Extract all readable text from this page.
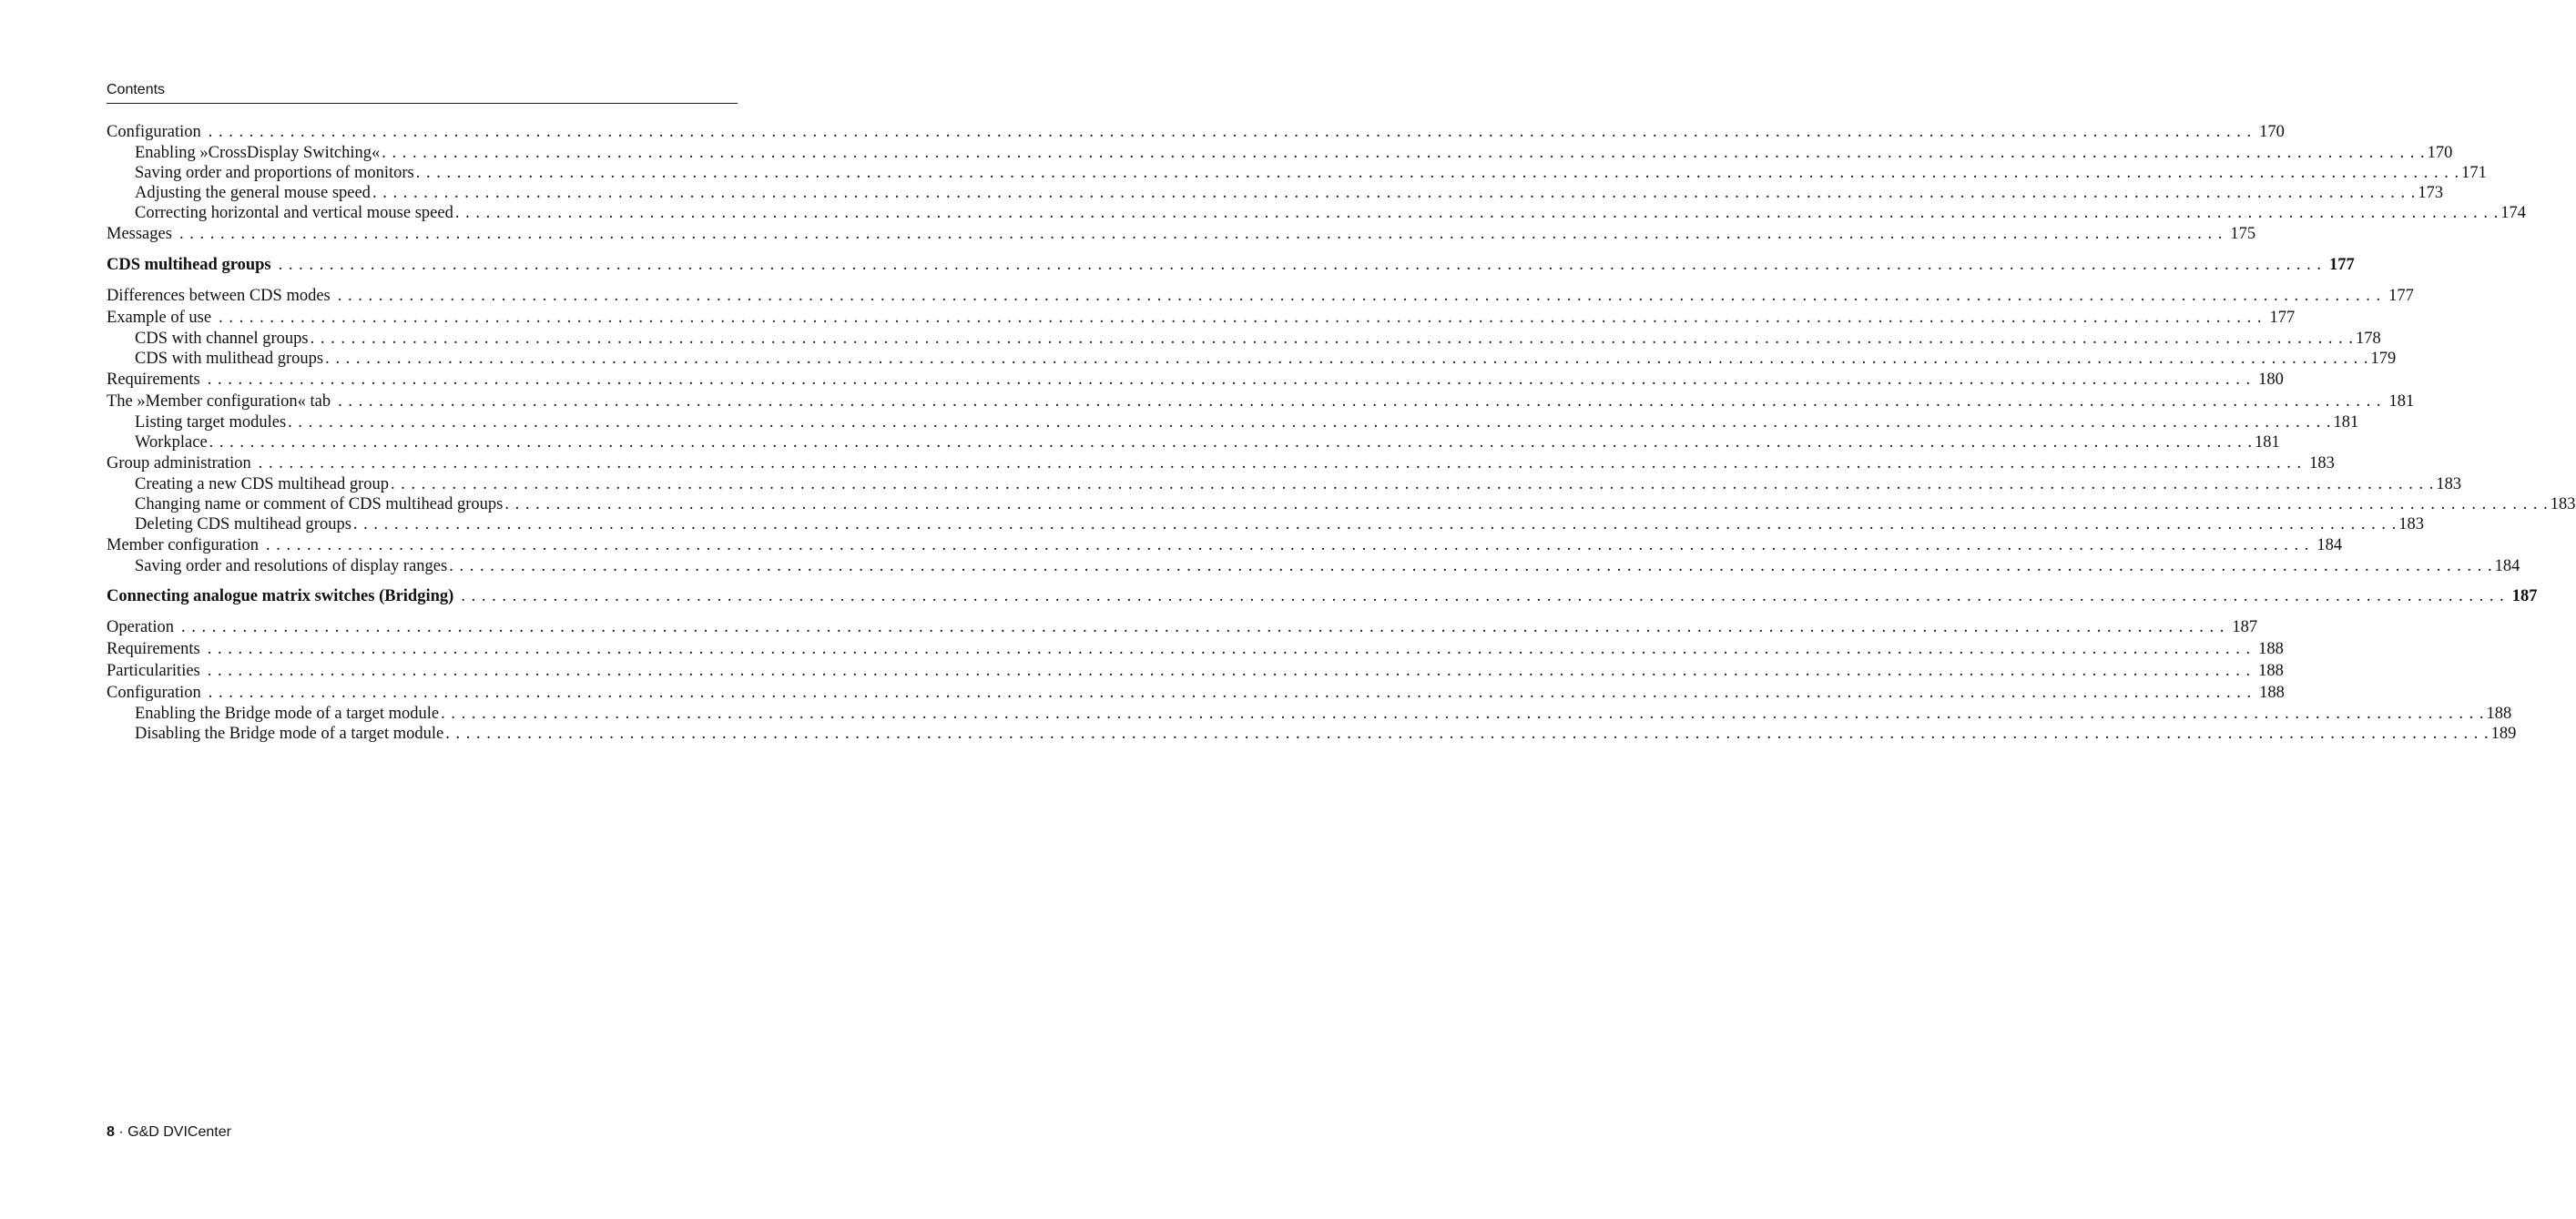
Contents
Configuration . . . . . . . . . . . . . . . . . . . . . . . . . . . . . . . . . . . . . . . . . . . . . . . . . . . . . . . . . . . . . . . . . . . . . . . . . . . . . . . . . . . . . . . . . . . . . . . . . . . . . . . . . . . . . . . . . . . . . . . . . . . . . . . . . . . . . . . . . . . . . . . . . . . . . . . . . . . . . . . . . . . . . . . . . . . . . . . . . . . . . . . . . . . . . . . . . . . . . . . . 170
Enabling »CrossDisplay Switching« . . . . . . . . . . . . . . . . . . . . . . . . . . . . . . . . . . . . . . . . . . . . . . . . . . . . . . . . . . . . . . . . . . . . . . . . . . . . . . . . . . . . . . . . . . . . . . . . . . . . . . . . . . . . . . . . . . . . . . . . . . . . . . . . . . . . . . . . . . . . . . . . . . . . . . . . . . . . . . . . . . . . . . . . . . . . . . . . . . . . . . . . . . . . . . . . . . . . . . . . 170
Saving order and proportions of monitors . . . . . . . . . . . . . . . . . . . . . . . . . . . . . . . . . . . . . . . . . . . . . . . . . . . . . . . . . . . . . . . . . . . . . . . . . . . . . . . . . . . . . . . . . . . . . . . . . . . . . . . . . . . . . . . . . . . . . . . . . . . . . . . . . . . . . . . . . . . . . . . . . . . . . . . . . . . . . . . . . . . . . . . . . . . . . . . . . . . . . . . . . . . . . . . . . . . . . . . . 171
Adjusting the general mouse speed . . . . . . . . . . . . . . . . . . . . . . . . . . . . . . . . . . . . . . . . . . . . . . . . . . . . . . . . . . . . . . . . . . . . . . . . . . . . . . . . . . . . . . . . . . . . . . . . . . . . . . . . . . . . . . . . . . . . . . . . . . . . . . . . . . . . . . . . . . . . . . . . . . . . . . . . . . . . . . . . . . . . . . . . . . . . . . . . . . . . . . . . . . . . . . . . . . . . . . . . 173
Correcting horizontal and vertical mouse speed . . . . . . . . . . . . . . . . . . . . . . . . . . . . . . . . . . . . . . . . . . . . . . . . . . . . . . . . . . . . . . . . . . . . . . . . . . . . . . . . . . . . . . . . . . . . . . . . . . . . . . . . . . . . . . . . . . . . . . . . . . . . . . . . . . . . . . . . . . . . . . . . . . . . . . . . . . . . . . . . . . . . . . . . . . . . . . . . . . . . . . . . . . . . . . . . . . . . . . . . 174
Messages . . . . . . . . . . . . . . . . . . . . . . . . . . . . . . . . . . . . . . . . . . . . . . . . . . . . . . . . . . . . . . . . . . . . . . . . . . . . . . . . . . . . . . . . . . . . . . . . . . . . . . . . . . . . . . . . . . . . . . . . . . . . . . . . . . . . . . . . . . . . . . . . . . . . . . . . . . . . . . . . . . . . . . . . . . . . . . . . . . . . . . . . . . . . . . . . . . . . . . . . 175
CDS multihead groups . . . . . . . . . . . . . . . . . . . . . . . . . . . . . . . . . . . . . . . . . . . . . . . . . . . . . . . . . . . . . . . . . . . . . . . . . . . . . . . . . . . . . . . . . . . . . . . . . . . . . . . . . . . . . . . . . . . . . . . . . . . . . . . . . . . . . . . . . . . . . . . . . . . . . . . . . . . . . . . . . . . . . . . . . . . . . . . . . . . . . . . . . . . . . . . . . . . . . . . . 177
Differences between CDS modes . . . . . . . . . . . . . . . . . . . . . . . . . . . . . . . . . . . . . . . . . . . . . . . . . . . . . . . . . . . . . . . . . . . . . . . . . . . . . . . . . . . . . . . . . . . . . . . . . . . . . . . . . . . . . . . . . . . . . . . . . . . . . . . . . . . . . . . . . . . . . . . . . . . . . . . . . . . . . . . . . . . . . . . . . . . . . . . . . . . . . . . . . . . . . . . . . . . . . . . . 177
Example of use . . . . . . . . . . . . . . . . . . . . . . . . . . . . . . . . . . . . . . . . . . . . . . . . . . . . . . . . . . . . . . . . . . . . . . . . . . . . . . . . . . . . . . . . . . . . . . . . . . . . . . . . . . . . . . . . . . . . . . . . . . . . . . . . . . . . . . . . . . . . . . . . . . . . . . . . . . . . . . . . . . . . . . . . . . . . . . . . . . . . . . . . . . . . . . . . . . . . . . . . 177
CDS with channel groups . . . . . . . . . . . . . . . . . . . . . . . . . . . . . . . . . . . . . . . . . . . . . . . . . . . . . . . . . . . . . . . . . . . . . . . . . . . . . . . . . . . . . . . . . . . . . . . . . . . . . . . . . . . . . . . . . . . . . . . . . . . . . . . . . . . . . . . . . . . . . . . . . . . . . . . . . . . . . . . . . . . . . . . . . . . . . . . . . . . . . . . . . . . . . . . . . . . . . . . . 178
CDS with mulithead groups . . . . . . . . . . . . . . . . . . . . . . . . . . . . . . . . . . . . . . . . . . . . . . . . . . . . . . . . . . . . . . . . . . . . . . . . . . . . . . . . . . . . . . . . . . . . . . . . . . . . . . . . . . . . . . . . . . . . . . . . . . . . . . . . . . . . . . . . . . . . . . . . . . . . . . . . . . . . . . . . . . . . . . . . . . . . . . . . . . . . . . . . . . . . . . . . . . . . . . . . 179
Requirements . . . . . . . . . . . . . . . . . . . . . . . . . . . . . . . . . . . . . . . . . . . . . . . . . . . . . . . . . . . . . . . . . . . . . . . . . . . . . . . . . . . . . . . . . . . . . . . . . . . . . . . . . . . . . . . . . . . . . . . . . . . . . . . . . . . . . . . . . . . . . . . . . . . . . . . . . . . . . . . . . . . . . . . . . . . . . . . . . . . . . . . . . . . . . . . . . . . . . . . . 180
The »Member configuration« tab . . . . . . . . . . . . . . . . . . . . . . . . . . . . . . . . . . . . . . . . . . . . . . . . . . . . . . . . . . . . . . . . . . . . . . . . . . . . . . . . . . . . . . . . . . . . . . . . . . . . . . . . . . . . . . . . . . . . . . . . . . . . . . . . . . . . . . . . . . . . . . . . . . . . . . . . . . . . . . . . . . . . . . . . . . . . . . . . . . . . . . . . . . . . . . . . . . . . . . . . 181
Listing target modules . . . . . . . . . . . . . . . . . . . . . . . . . . . . . . . . . . . . . . . . . . . . . . . . . . . . . . . . . . . . . . . . . . . . . . . . . . . . . . . . . . . . . . . . . . . . . . . . . . . . . . . . . . . . . . . . . . . . . . . . . . . . . . . . . . . . . . . . . . . . . . . . . . . . . . . . . . . . . . . . . . . . . . . . . . . . . . . . . . . . . . . . . . . . . . . . . . . . . . . . 181
Workplace . . . . . . . . . . . . . . . . . . . . . . . . . . . . . . . . . . . . . . . . . . . . . . . . . . . . . . . . . . . . . . . . . . . . . . . . . . . . . . . . . . . . . . . . . . . . . . . . . . . . . . . . . . . . . . . . . . . . . . . . . . . . . . . . . . . . . . . . . . . . . . . . . . . . . . . . . . . . . . . . . . . . . . . . . . . . . . . . . . . . . . . . . . . . . . . . . . . . . . . . 181
Group administration . . . . . . . . . . . . . . . . . . . . . . . . . . . . . . . . . . . . . . . . . . . . . . . . . . . . . . . . . . . . . . . . . . . . . . . . . . . . . . . . . . . . . . . . . . . . . . . . . . . . . . . . . . . . . . . . . . . . . . . . . . . . . . . . . . . . . . . . . . . . . . . . . . . . . . . . . . . . . . . . . . . . . . . . . . . . . . . . . . . . . . . . . . . . . . . . . . . . . . . . 183
Creating a new CDS multihead group . . . . . . . . . . . . . . . . . . . . . . . . . . . . . . . . . . . . . . . . . . . . . . . . . . . . . . . . . . . . . . . . . . . . . . . . . . . . . . . . . . . . . . . . . . . . . . . . . . . . . . . . . . . . . . . . . . . . . . . . . . . . . . . . . . . . . . . . . . . . . . . . . . . . . . . . . . . . . . . . . . . . . . . . . . . . . . . . . . . . . . . . . . . . . . . . . . . . . . . . 183
Changing name or comment of CDS multihead groups . . . . . . . . . . . . . . . . . . . . . . . . . . . . . . . . . . . . . . . . . . . . . . . . . . . . . . . . . . . . . . . . . . . . . . . . . . . . . . . . . . . . . . . . . . . . . . . . . . . . . . . . . . . . . . . . . . . . . . . . . . . . . . . . . . . . . . . . . . . . . . . . . . . . . . . . . . . . . . . . . . . . . . . . . . . . . . . . . . . . . . . . . . . . . . . . . . . . . . . . 183
Deleting CDS multihead groups . . . . . . . . . . . . . . . . . . . . . . . . . . . . . . . . . . . . . . . . . . . . . . . . . . . . . . . . . . . . . . . . . . . . . . . . . . . . . . . . . . . . . . . . . . . . . . . . . . . . . . . . . . . . . . . . . . . . . . . . . . . . . . . . . . . . . . . . . . . . . . . . . . . . . . . . . . . . . . . . . . . . . . . . . . . . . . . . . . . . . . . . . . . . . . . . . . . . . . . . 183
Member configuration . . . . . . . . . . . . . . . . . . . . . . . . . . . . . . . . . . . . . . . . . . . . . . . . . . . . . . . . . . . . . . . . . . . . . . . . . . . . . . . . . . . . . . . . . . . . . . . . . . . . . . . . . . . . . . . . . . . . . . . . . . . . . . . . . . . . . . . . . . . . . . . . . . . . . . . . . . . . . . . . . . . . . . . . . . . . . . . . . . . . . . . . . . . . . . . . . . . . . . . . 184
Saving order and resolutions of display ranges . . . . . . . . . . . . . . . . . . . . . . . . . . . . . . . . . . . . . . . . . . . . . . . . . . . . . . . . . . . . . . . . . . . . . . . . . . . . . . . . . . . . . . . . . . . . . . . . . . . . . . . . . . . . . . . . . . . . . . . . . . . . . . . . . . . . . . . . . . . . . . . . . . . . . . . . . . . . . . . . . . . . . . . . . . . . . . . . . . . . . . . . . . . . . . . . . . . . . . . . 184
Connecting analogue matrix switches (Bridging) . . . . . . . . . . . . . . . . . . . . . . . . . . . . . . . . . . . . . . . . . . . . . . . . . . . . . . . . . . . . . . . . . . . . . . . . . . . . . . . . . . . . . . . . . . . . . . . . . . . . . . . . . . . . . . . . . . . . . . . . . . . . . . . . . . . . . . . . . . . . . . . . . . . . . . . . . . . . . . . . . . . . . . . . . . . . . . . . . . . . . . . . . . . . . . . . . . . . . . . . 187
Operation . . . . . . . . . . . . . . . . . . . . . . . . . . . . . . . . . . . . . . . . . . . . . . . . . . . . . . . . . . . . . . . . . . . . . . . . . . . . . . . . . . . . . . . . . . . . . . . . . . . . . . . . . . . . . . . . . . . . . . . . . . . . . . . . . . . . . . . . . . . . . . . . . . . . . . . . . . . . . . . . . . . . . . . . . . . . . . . . . . . . . . . . . . . . . . . . . . . . . . . . 187
Requirements . . . . . . . . . . . . . . . . . . . . . . . . . . . . . . . . . . . . . . . . . . . . . . . . . . . . . . . . . . . . . . . . . . . . . . . . . . . . . . . . . . . . . . . . . . . . . . . . . . . . . . . . . . . . . . . . . . . . . . . . . . . . . . . . . . . . . . . . . . . . . . . . . . . . . . . . . . . . . . . . . . . . . . . . . . . . . . . . . . . . . . . . . . . . . . . . . . . . . . . . 188
Particularities . . . . . . . . . . . . . . . . . . . . . . . . . . . . . . . . . . . . . . . . . . . . . . . . . . . . . . . . . . . . . . . . . . . . . . . . . . . . . . . . . . . . . . . . . . . . . . . . . . . . . . . . . . . . . . . . . . . . . . . . . . . . . . . . . . . . . . . . . . . . . . . . . . . . . . . . . . . . . . . . . . . . . . . . . . . . . . . . . . . . . . . . . . . . . . . . . . . . . . . . 188
Configuration . . . . . . . . . . . . . . . . . . . . . . . . . . . . . . . . . . . . . . . . . . . . . . . . . . . . . . . . . . . . . . . . . . . . . . . . . . . . . . . . . . . . . . . . . . . . . . . . . . . . . . . . . . . . . . . . . . . . . . . . . . . . . . . . . . . . . . . . . . . . . . . . . . . . . . . . . . . . . . . . . . . . . . . . . . . . . . . . . . . . . . . . . . . . . . . . . . . . . . . . 188
Enabling the Bridge mode of a target module . . . . . . . . . . . . . . . . . . . . . . . . . . . . . . . . . . . . . . . . . . . . . . . . . . . . . . . . . . . . . . . . . . . . . . . . . . . . . . . . . . . . . . . . . . . . . . . . . . . . . . . . . . . . . . . . . . . . . . . . . . . . . . . . . . . . . . . . . . . . . . . . . . . . . . . . . . . . . . . . . . . . . . . . . . . . . . . . . . . . . . . . . . . . . . . . . . . . . . . . 188
Disabling the Bridge mode of a target module . . . . . . . . . . . . . . . . . . . . . . . . . . . . . . . . . . . . . . . . . . . . . . . . . . . . . . . . . . . . . . . . . . . . . . . . . . . . . . . . . . . . . . . . . . . . . . . . . . . . . . . . . . . . . . . . . . . . . . . . . . . . . . . . . . . . . . . . . . . . . . . . . . . . . . . . . . . . . . . . . . . . . . . . . . . . . . . . . . . . . . . . . . . . . . . . . . . . . . . . 189
8 · G&D DVICenter
